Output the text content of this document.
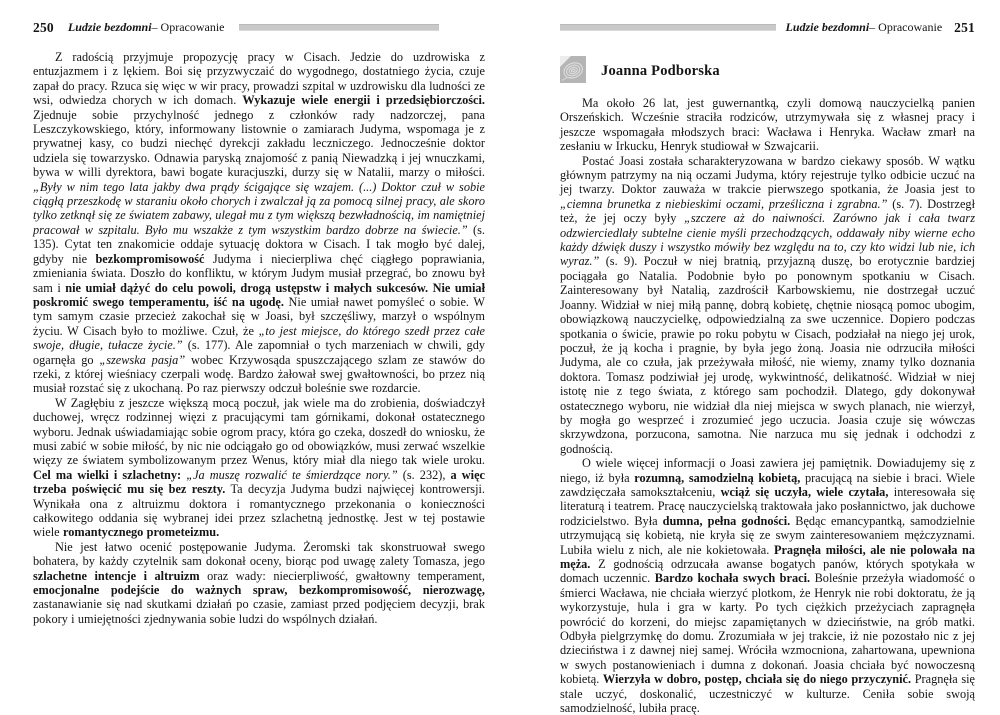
250 Ludzie bezdomni – Opracowanie

Z radością przyjmuje propozycję pracy w Cisach. Jedzie do uzdrowiska z entuzjazmem i z lękiem. Boi się przyzwyczaić do wygodnego, dostatniego życia, czuje zapał do pracy. Rzuca się więc w wir pracy, prowadzi szpital w uzdrowisku dla ludności ze wsi, odwiedza chorych w ich domach. Wykazuje wiele energii i przedsiębiorczości. Zjednuje sobie przychylność jednego z członków rady nadzorczej, pana Leszczykowskiego, który, informowany listownie o zamiarach Judyma, wspomaga je z prywatnej kasy, co budzi niechęć dyrekcji zakładu leczniczego. Jednocześnie doktor udziela się towarzysko. Odnawia paryską znajomość z panią Niewadzką i jej wnuczkami, bywa w willi dyrektora, bawi bogate kuracjuszki, durzy się w Natalii, marzy o miłości. „Były w nim tego lata jakby dwa prądy ścigające się wzajem. (...) Doktor czuł w sobie ciągłą przeszkodę w staraniu około chorych i zwalczał ją za pomocą silnej pracy, ale skoro tylko zetknął się ze światem zabawy, ulegał mu z tym większą bezwładnością, im namiętniej pracował w szpitalu. Było mu wszakże z tym wszystkim bardzo dobrze na świecie.” (s. 135). Cytat ten znakomicie oddaje sytuację doktora w Cisach. I tak mogło być dalej, gdyby nie bezkompromisowość Judyma i niecierpliwa chęć ciągłego poprawiania, zmieniania świata. Doszło do konfliktu, w którym Judym musiał przegrać, bo znowu był sam i nie umiał dążyć do celu powoli, drogą ustępstw i małych sukcesów. Nie umiał poskromić swego temperamentu, iść na ugodę. Nie umiał nawet pomyśleć o sobie. W tym samym czasie przecież zakochał się w Joasi, był szczęśliwy, marzył o wspólnym życiu. W Cisach było to możliwe. Czuł, że „to jest miejsce, do którego szedł przez całe swoje, długie, tułacze życie.” (s. 177). Ale zapomniał o tych marzeniach w chwili, gdy ogarnęła go „szewska pasja” wobec Krzywosąda spuszczającego szlam ze stawów do rzeki, z której wieśniacy czerpali wodę. Bardzo żałował swej gwałtowności, bo przez nią musiał rozstać się z ukochaną. Po raz pierwszy odczuł boleśnie swe rozdarcie.

W Zagłębiu z jeszcze większą mocą poczuł, jak wiele ma do zrobienia, doświadczył duchowej, wręcz rodzinnej więzi z pracującymi tam górnikami, dokonał ostatecznego wyboru. Jednak uświadamiając sobie ogrom pracy, która go czeka, doszedł do wniosku, że musi zabić w sobie miłość, by nic nie odciągało go od obowiązków, musi zerwać wszelkie więzy ze światem symbolizowanym przez Wenus, który miał dla niego tak wiele uroku. Cel ma wielki i szlachetny: „Ja muszę rozwalić te śmierdzące nory.” (s. 232), a więc trzeba poświęcić mu się bez reszty. Ta decyzja Judyma budzi najwięcej kontrowersji. Wynikała ona z altruizmu doktora i romantycznego przekonania o konieczności całkowitego oddania się wybranej idei przez szlachetną jednostkę. Jest w tej postawie wiele romantycznego prometeizmu.

Nie jest łatwo ocenić postępowanie Judyma. Żeromski tak skonstruował swego bohatera, by każdy czytelnik sam dokonał oceny, biorąc pod uwagę zalety Tomasza, jego szlachetne intencje i altruizm oraz wady: niecierpliwość, gwałtowny temperament, emocjonalne podejście do ważnych spraw, bezkompromisowość, nierozwagę, zastanawianie się nad skutkami działań po czasie, zamiast przed podjęciem decyzji, brak pokory i umiejętności zjednywania sobie ludzi do wspólnych działań.

Ludzie bezdomni – Opracowanie 251
Joanna Podborska

Ma około 26 lat, jest guwernantką, czyli domową nauczycielką panien Orszeńskich. Wcześnie straciła rodziców, utrzymywała się z własnej pracy i jeszcze wspomagała młodszych braci: Wacława i Henryka. Wacław zmarł na zesłaniu w Irkucku, Henryk studiował w Szwajcarii.

Postać Joasi została scharakteryzowana w bardzo ciekawy sposób. W wątku głównym patrzymy na nią oczami Judyma, który rejestruje tylko odbicie uczuć na jej twarzy. Doktor zauważa w trakcie pierwszego spotkania, że Joasia jest to „ciemna brunetka z niebieskimi oczami, prześliczna i zgrabna.” (s. 7). Dostrzegł też, że jej oczy były „szczere aż do naiwności. Zarówno jak i cała twarz odzwierciedlały subtelne cienie myśli przechodzących, oddawały niby wierne echo każdy dźwięk duszy i wszystko mówiły bez względu na to, czy kto widzi lub nie, ich wyraz.” (s. 9). Poczuł w niej bratnią, przyjazną duszę, bo erotycznie bardziej pociągała go Natalia. Podobnie było po ponownym spotkaniu w Cisach. Zainteresowany był Natalią, zazdrościł Karbowskiemu, nie dostrzegał uczuć Joanny. Widział w niej miłą pannę, dobrą kobietę, chętnie niosącą pomoc ubogim, obowiązkową nauczycielkę, odpowiedzialną za swe uczennice. Dopiero podczas spotkania o świcie, prawie po roku pobytu w Cisach, podziałał na niego jej urok, poczuł, że ją kocha i pragnie, by była jego żoną. Joasia nie odrzuciła miłości Judyma, ale co czuła, jak przeżywała miłość, nie wiemy, znamy tylko doznania doktora. Tomasz podziwiał jej urodę, wykwintność, delikatność. Widział w niej istotę nie z tego świata, z którego sam pochodził. Dlatego, gdy dokonywał ostatecznego wyboru, nie widział dla niej miejsca w swych planach, nie wierzył, by mogła go wesprzeć i zrozumieć jego uczucia. Joasia czuje się wówczas skrzywdzona, porzucona, samotna. Nie narzuca mu się jednak i odchodzi z godnością.

O wiele więcej informacji o Joasi zawiera jej pamiętnik. Dowiadujemy się z niego, iż była rozumną, samodzielną kobietą, pracującą na siebie i braci. Wiele zawdzięczała samokształceniu, wciąż się uczyła, wiele czytała, interesowała się literaturą i teatrem. Pracę nauczycielską traktowała jako posłannictwo, jak duchowe rodzicielstwo. Była dumna, pełna godności. Będąc emancypantką, samodzielnie utrzymującą się kobietą, nie kryła się ze swym zainteresowaniem mężczyznami. Lubiła wielu z nich, ale nie kokietowała. Pragnęła miłości, ale nie polowała na męża. Z godnością odrzucała awanse bogatych panów, których spotykała w domach uczennic. Bardzo kochała swych braci. Boleśnie przeżyła wiadomość o śmierci Wacława, nie chciała wierzyć plotkom, że Henryk nie robi doktoratu, że ją wykorzystuje, hula i gra w karty. Po tych ciężkich przeżyciach zapragnęła powrócić do korzeni, do miejsc zapamiętanych w dzieciństwie, na grób matki. Odbyła pielgrzymkę do domu. Zrozumiała w jej trakcie, iż nie pozostało nic z jej dzieciństwa i z dawnej niej samej. Wróciła wzmocniona, zahartowana, upewniona w swych postanowieniach i dumna z dokonań. Joasia chciała być nowoczesną kobietą. Wierzyła w dobro, postęp, chciała się do niego przyczynić. Pragnęła się stale uczyć, doskonalić, uczestniczyć w kulturze. Ceniła sobie swoją samodzielność, lubiła pracę.
